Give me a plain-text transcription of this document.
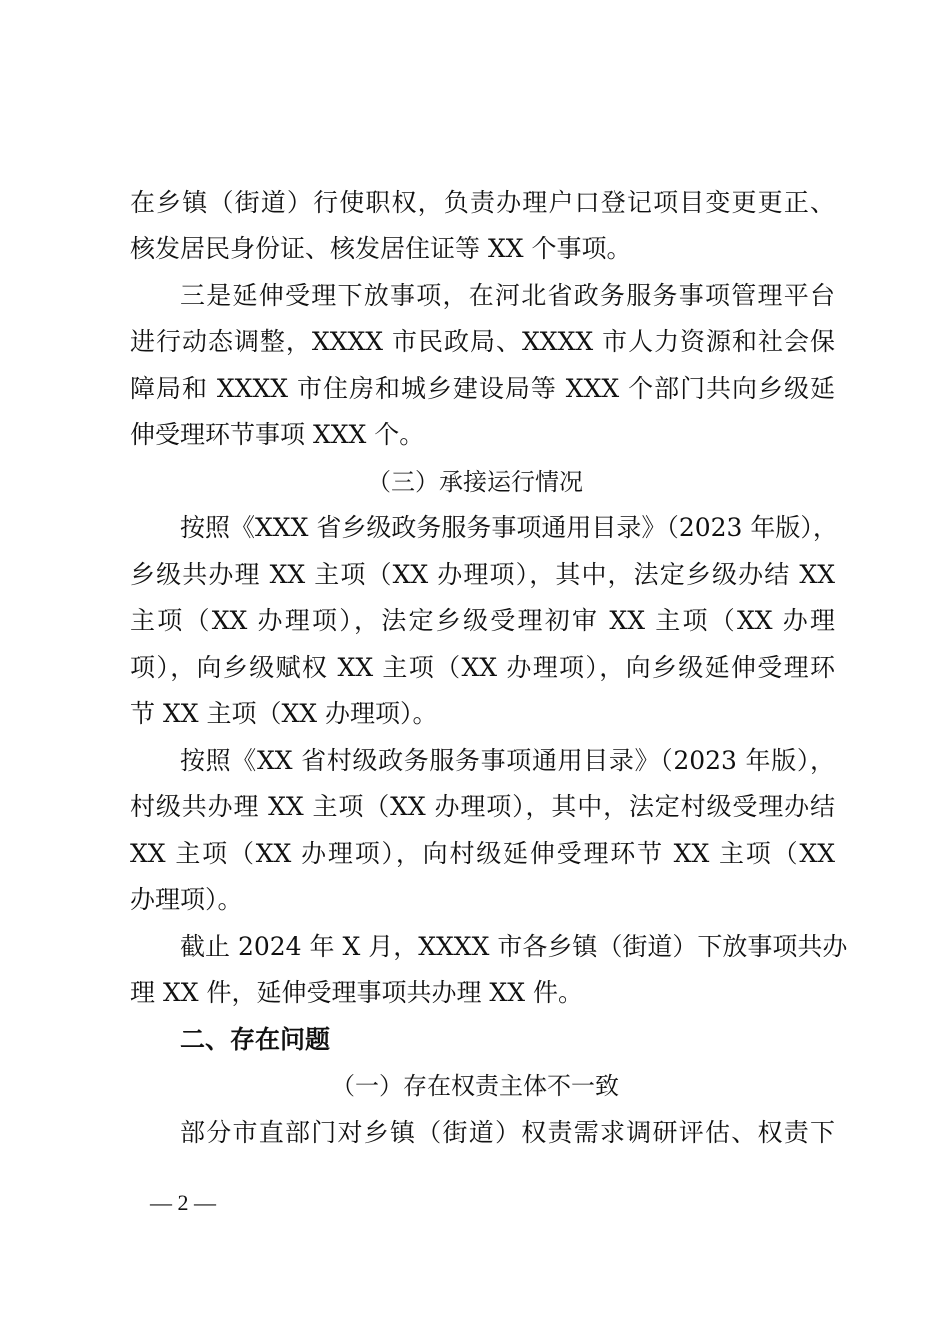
在乡镇（街道）行使职权，负责办理户口登记项目变更更正、
核发居民身份证、核发居住证等 XX 个事项。
三是延伸受理下放事项，在河北省政务服务事项管理平台
进行动态调整，XXXX 市民政局、XXXX 市人力资源和社会保
障局和 XXXX 市住房和城乡建设局等 XXX 个部门共向乡级延
伸受理环节事项 XXX 个。
（三）承接运行情况
按照《XXX 省乡级政务服务事项通用目录》（2023 年版），
乡级共办理 XX 主项（XX 办理项），其中，法定乡级办结 XX
主项（XX 办理项），法定乡级受理初审 XX 主项（XX 办理
项），向乡级赋权 XX 主项（XX 办理项），向乡级延伸受理环
节 XX 主项（XX 办理项）。
按照《XX 省村级政务服务事项通用目录》（2023 年版），
村级共办理 XX 主项（XX 办理项），其中，法定村级受理办结
XX 主项（XX 办理项），向村级延伸受理环节 XX 主项（XX
办理项）。
截止 2024 年 X 月，XXXX 市各乡镇（街道）下放事项共办
理 XX 件，延伸受理事项共办理 XX 件。
二、存在问题
（一）存在权责主体不一致
部分市直部门对乡镇（街道）权责需求调研评估、权责下
— 2 —
